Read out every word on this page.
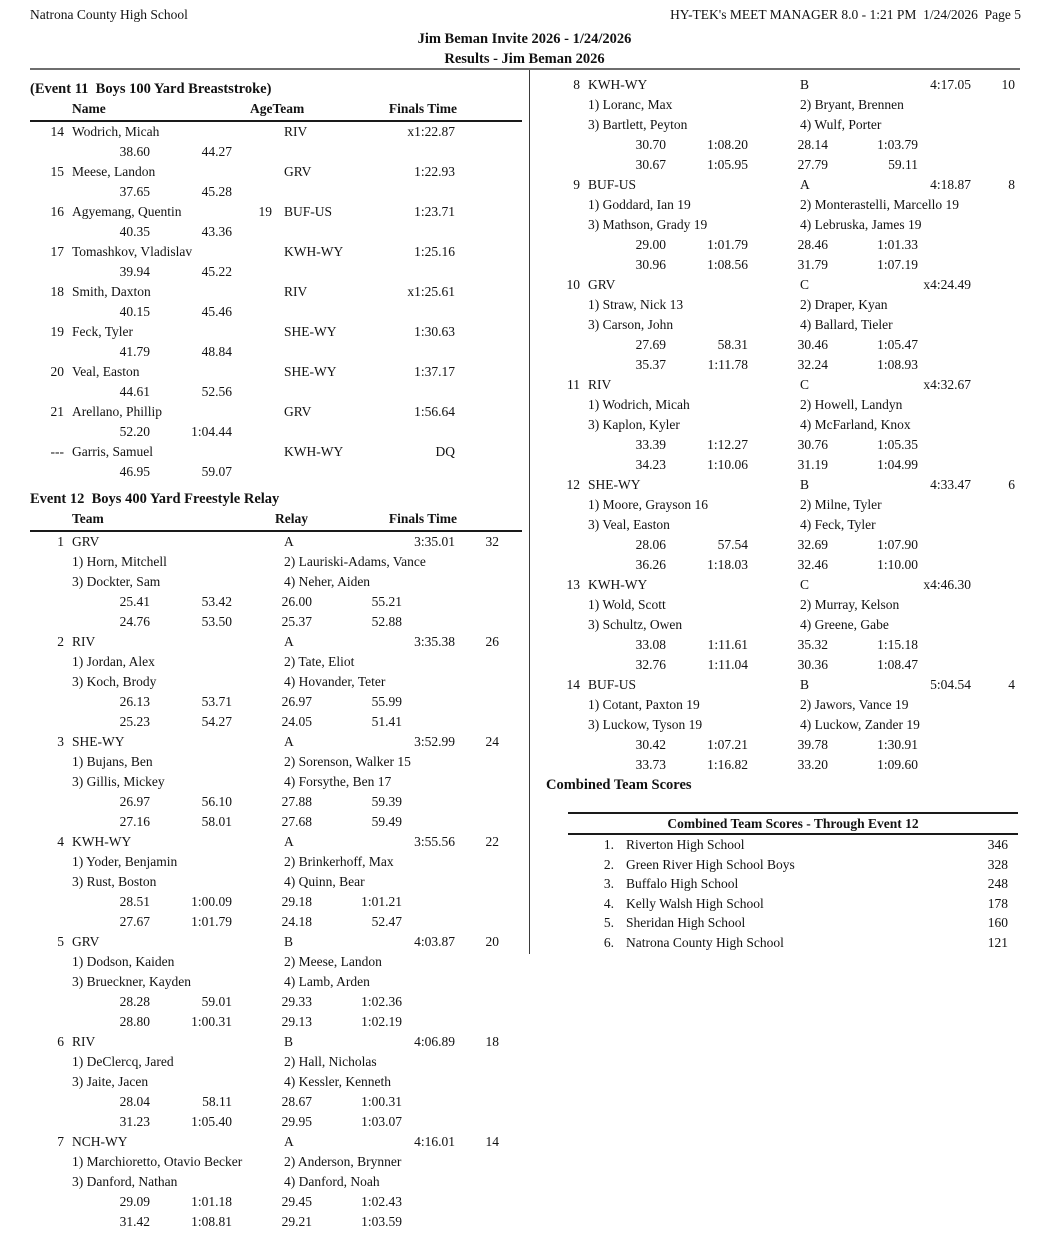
Natrona County High School	HY-TEK's MEET MANAGER 8.0 - 1:21 PM  1/24/2026  Page 5
Jim Beman Invite 2026 - 1/24/2026
Results - Jim Beman 2026
(Event 11  Boys 100 Yard Breaststroke)
Name	AgeTeam	Finals Time
14 Wodrich, Micah	RIV	x1:22.87
38.60	44.27
15 Meese, Landon	GRV	1:22.93
37.65	45.28
16 Agyemang, Quentin	19 BUF-US	1:23.71
40.35	43.36
17 Tomashkov, Vladislav	KWH-WY	1:25.16
39.94	45.22
18 Smith, Daxton	RIV	x1:25.61
40.15	45.46
19 Feck, Tyler	SHE-WY	1:30.63
41.79	48.84
20 Veal, Easton	SHE-WY	1:37.17
44.61	52.56
21 Arellano, Phillip	GRV	1:56.64
52.20	1:04.44
--- Garris, Samuel	KWH-WY	DQ
46.95	59.07
Event 12  Boys 400 Yard Freestyle Relay
Team	Relay	Finals Time
1 GRV	A	3:35.01	32
1) Horn, Mitchell	2) Lauriski-Adams, Vance
3) Dockter, Sam	4) Neher, Aiden
25.41	53.42	26.00	55.21
24.76	53.50	25.37	52.88
2 RIV	A	3:35.38	26
1) Jordan, Alex	2) Tate, Eliot
3) Koch, Brody	4) Hovander, Teter
26.13	53.71	26.97	55.99
25.23	54.27	24.05	51.41
3 SHE-WY	A	3:52.99	24
1) Bujans, Ben	2) Sorenson, Walker 15
3) Gillis, Mickey	4) Forsythe, Ben 17
26.97	56.10	27.88	59.39
27.16	58.01	27.68	59.49
4 KWH-WY	A	3:55.56	22
1) Yoder, Benjamin	2) Brinkerhoff, Max
3) Rust, Boston	4) Quinn, Bear
28.51	1:00.09	29.18	1:01.21
27.67	1:01.79	24.18	52.47
5 GRV	B	4:03.87	20
1) Dodson, Kaiden	2) Meese, Landon
3) Brueckner, Kayden	4) Lamb, Arden
28.28	59.01	29.33	1:02.36
28.80	1:00.31	29.13	1:02.19
6 RIV	B	4:06.89	18
1) DeClercq, Jared	2) Hall, Nicholas
3) Jaite, Jacen	4) Kessler, Kenneth
28.04	58.11	28.67	1:00.31
31.23	1:05.40	29.95	1:03.07
7 NCH-WY	A	4:16.01	14
1) Marchioretto, Otavio Becker	2) Anderson, Brynner
3) Danford, Nathan	4) Danford, Noah
29.09	1:01.18	29.45	1:02.43
31.42	1:08.81	29.21	1:03.59
8 KWH-WY	B	4:17.05	10
1) Loranc, Max	2) Bryant, Brennen
3) Bartlett, Peyton	4) Wulf, Porter
30.70	1:08.20	28.14	1:03.79
30.67	1:05.95	27.79	59.11
9 BUF-US	A	4:18.87	8
1) Goddard, Ian 19	2) Monterastelli, Marcello 19
3) Mathson, Grady 19	4) Lebruska, James 19
29.00	1:01.79	28.46	1:01.33
30.96	1:08.56	31.79	1:07.19
10 GRV	C	x4:24.49
1) Straw, Nick 13	2) Draper, Kyan
3) Carson, John	4) Ballard, Tieler
27.69	58.31	30.46	1:05.47
35.37	1:11.78	32.24	1:08.93
11 RIV	C	x4:32.67
1) Wodrich, Micah	2) Howell, Landyn
3) Kaplon, Kyler	4) McFarland, Knox
33.39	1:12.27	30.76	1:05.35
34.23	1:10.06	31.19	1:04.99
12 SHE-WY	B	4:33.47	6
1) Moore, Grayson 16	2) Milne, Tyler
3) Veal, Easton	4) Feck, Tyler
28.06	57.54	32.69	1:07.90
36.26	1:18.03	32.46	1:10.00
13 KWH-WY	C	x4:46.30
1) Wold, Scott	2) Murray, Kelson
3) Schultz, Owen	4) Greene, Gabe
33.08	1:11.61	35.32	1:15.18
32.76	1:11.04	30.36	1:08.47
14 BUF-US	B	5:04.54	4
1) Cotant, Paxton 19	2) Jawors, Vance 19
3) Luckow, Tyson 19	4) Luckow, Zander 19
30.42	1:07.21	39.78	1:30.91
33.73	1:16.82	33.20	1:09.60
Combined Team Scores
Combined Team Scores - Through Event 12
1. Riverton High School	346
2. Green River High School Boys	328
3. Buffalo High School	248
4. Kelly Walsh High School	178
5. Sheridan High School	160
6. Natrona County High School	121
